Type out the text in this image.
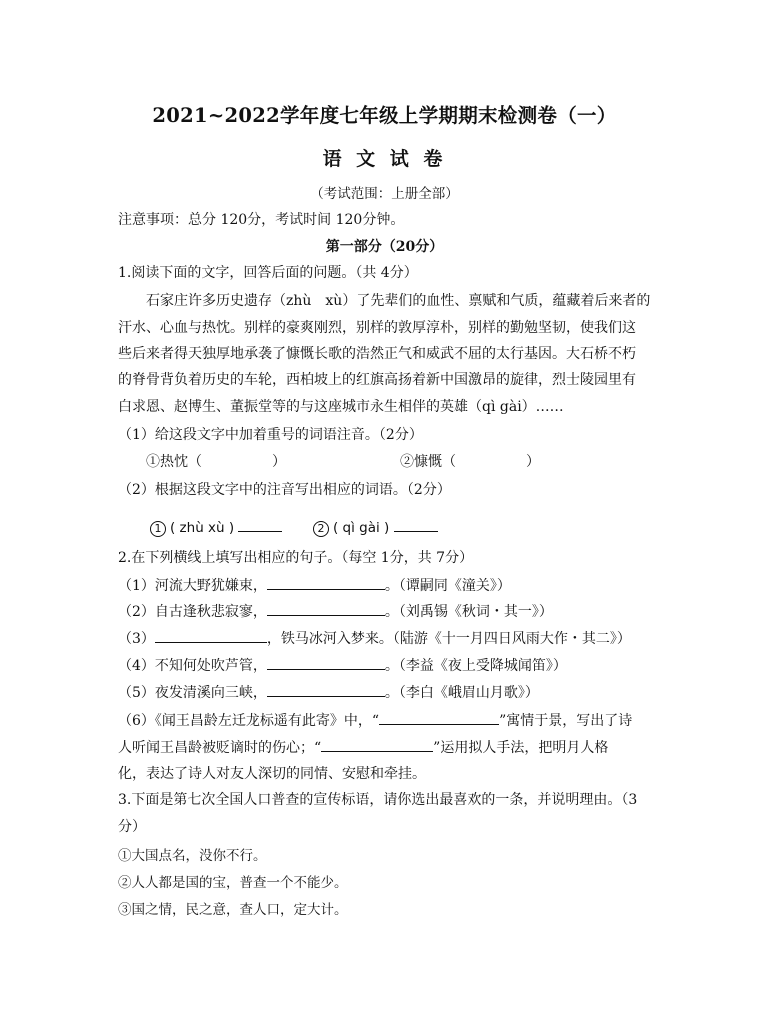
2021~2022学年度七年级上学期期末检测卷（一）
语 文 试 卷
（考试范围：上册全部）
注意事项：总分 120分，考试时间 120分钟。
第一部分（20分）
1.阅读下面的文字，回答后面的问题。（共 4分）
石家庄许多历史遗存（zhù　xù）了先辈们的血性、禀赋和气质，蕴藏着后来者的
汗水、心血与热忱。别样的豪爽刚烈，别样的敦厚淳朴，别样的勤勉坚韧，使我们这
些后来者得天独厚地承袭了慷慨长歌的浩然正气和威武不屈的太行基因。大石桥不朽
的脊骨背负着历史的车轮，西柏坡上的红旗高扬着新中国激昂的旋律，烈士陵园里有
白求恩、赵博生、董振堂等的与这座城市永生相伴的英雄（qì gài）……
（1）给这段文字中加着重号的词语注音。（2分）
①热忱（　　　　　）	②慷慨（　　　　　）
（2）根据这段文字中的注音写出相应的词语。（2分）
1 ( zhù xù )	2 ( qì gài )
2.在下列横线上填写出相应的句子。（每空 1分，共 7分）
（1）河流大野犹嫌束，	。（谭嗣同《潼关》）
（2）自古逢秋悲寂寥，	。（刘禹锡《秋词・其一》）
（3）	，铁马冰河入梦来。（陆游《十一月四日风雨大作・其二》）
（4）不知何处吹芦管，	。（李益《夜上受降城闻笛》）
（5）夜发清溪向三峡，	。（李白《峨眉山月歌》）
（6）《闻王昌龄左迁龙标遥有此寄》中，“	”寓情于景，写出了诗
人听闻王昌龄被贬谪时的伤心；“	”运用拟人手法，把明月人格
化，表达了诗人对友人深切的同情、安慰和牵挂。
3.下面是第七次全国人口普查的宣传标语，请你选出最喜欢的一条，并说明理由。（3
分）
①大国点名，没你不行。
②人人都是国的宝，普查一个不能少。
③国之情，民之意，查人口，定大计。
